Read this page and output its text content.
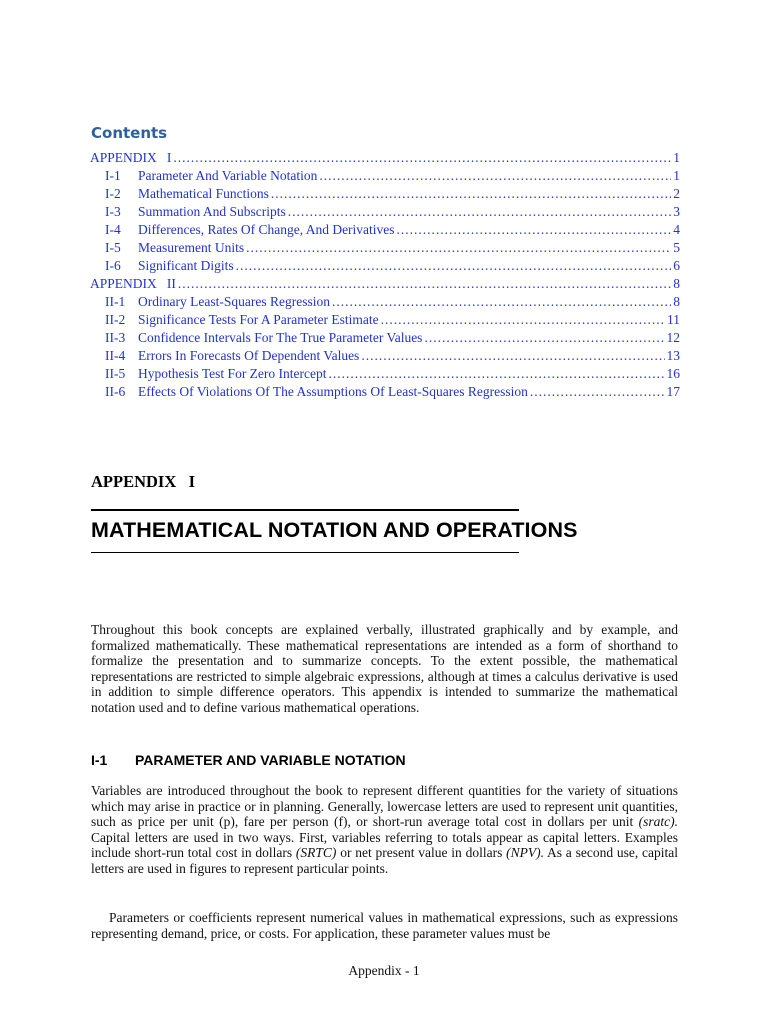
Contents
APPENDIX   I .....	1
I-1	Parameter And Variable Notation .....	1
I-2	Mathematical Functions .....	2
I-3	Summation And Subscripts .....	3
I-4	Differences, Rates Of Change, And Derivatives .....	4
I-5	Measurement Units .....	5
I-6	Significant Digits .....	6
APPENDIX   II .....	8
II-1 Ordinary Least-Squares Regression .....	8
II-2 Significance Tests For A Parameter Estimate .....	11
II-3 Confidence Intervals For The True Parameter Values .....	12
II-4 Errors In Forecasts Of Dependent Values .....	13
II-5 Hypothesis Test For Zero Intercept .....	16
II-6 Effects Of Violations Of The Assumptions Of Least-Squares Regression .....	17
APPENDIX   I
MATHEMATICAL NOTATION AND OPERATIONS

Throughout this book concepts are explained verbally, illustrated graphically and by example, and formalized mathematically. These mathematical representations are intended as a form of shorthand to formalize the presentation and to summarize concepts. To the extent possible, the mathematical representations are restricted to simple algebraic expressions, although at times a calculus derivative is used in addition to simple difference operators. This appendix is intended to summarize the mathematical notation used and to define various mathematical operations.

I-1 PARAMETER AND VARIABLE NOTATION

Variables are introduced throughout the book to represent different quantities for the variety of situations which may arise in practice or in planning. Generally, lowercase letters are used to represent unit quantities, such as price per unit (p), fare per person (f), or short-run average total cost in dollars per unit (sratc). Capital letters are used in two ways. First, variables referring to totals appear as capital letters. Examples include short-run total cost in dollars (SRTC) or net present value in dollars (NPV). As a second use, capital letters are used in figures to represent particular points.

Parameters or coefficients represent numerical values in mathematical expressions, such as expressions representing demand, price, or costs. For application, these parameter values must be

Appendix - 1
